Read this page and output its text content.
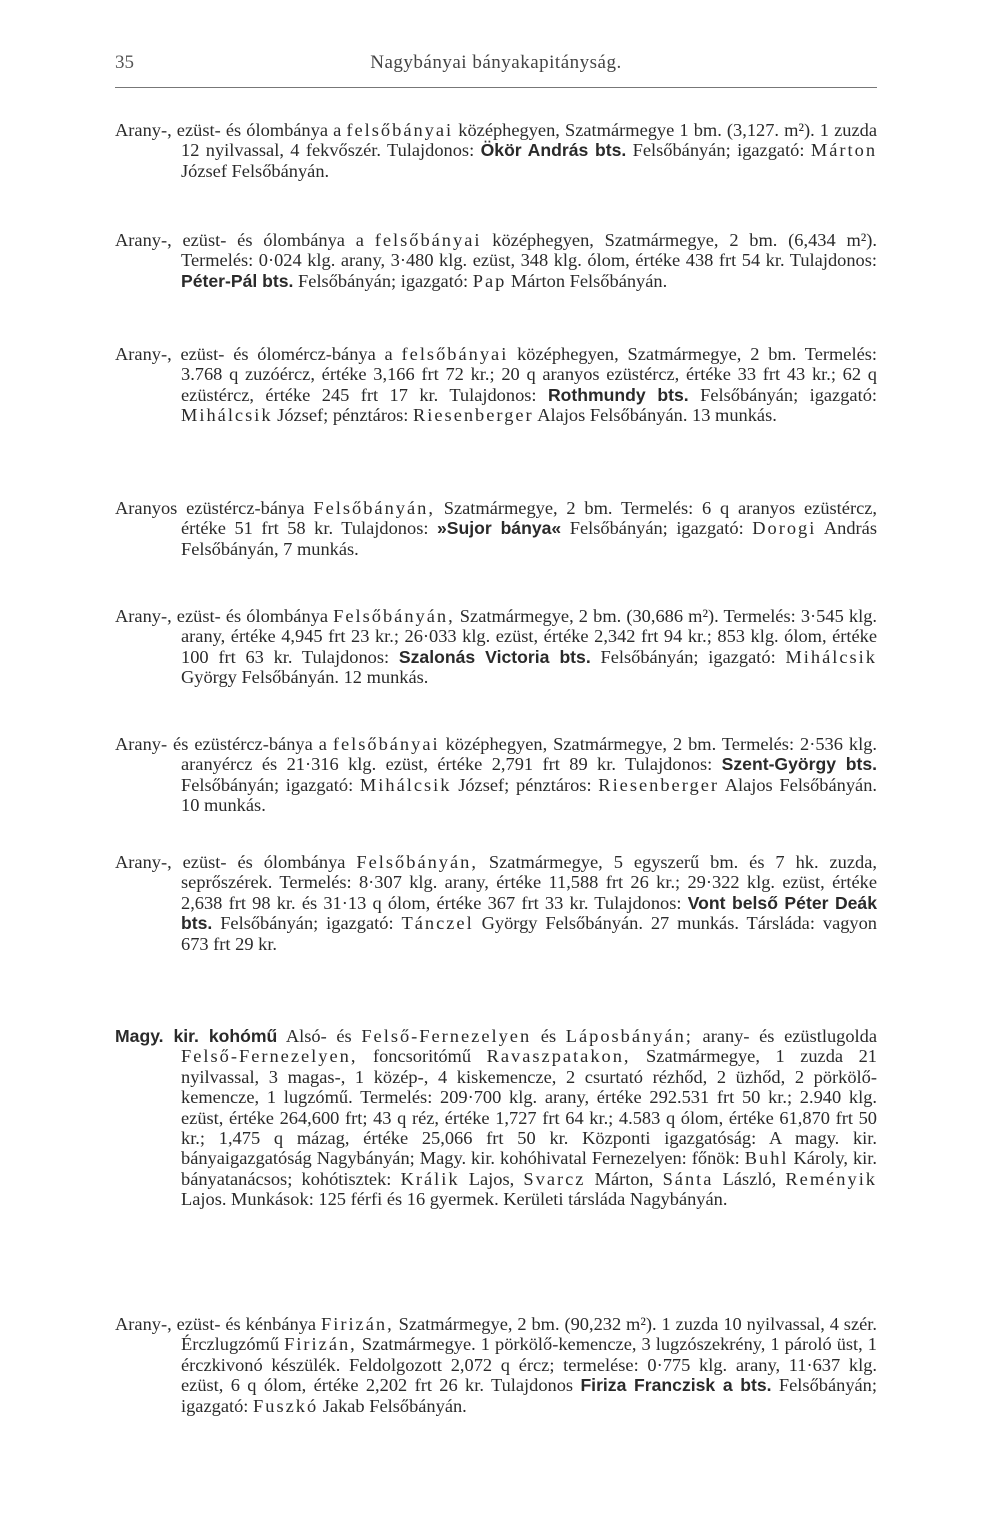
35	Nagybányai bányakapitányság.

Arany-, ezüst- és ólombánya a felsőbányai középhegyen, Szatmármegye 1 bm. (3,127. m²). 1 zuzda 12 nyilvassal, 4 fekvőszér. Tulajdonos: Ökör András bts. Felsőbányán; igazgató: Márton József Felsőbányán.

Arany-, ezüst- és ólombánya a felsőbányai középhegyen, Szatmármegye, 2 bm. (6,434 m²). Termelés: 0·024 klg. arany, 3·480 klg. ezüst, 348 klg. ólom, értéke 438 frt 54 kr. Tulajdonos: Péter-Pál bts. Felsőbányán; igazgató: Pap Márton Felsőbányán.

Arany-, ezüst- és ólomércz-bánya a felsőbányai középhegyen, Szatmármegye, 2 bm. Termelés: 3.768 q zuzóércz, értéke 3,166 frt 72 kr.; 20 q aranyos ezüstércz, értéke 33 frt 43 kr.; 62 q ezüstércz, értéke 245 frt 17 kr. Tulajdonos: Rothmundy bts. Felsőbányán; igazgató: Mihálcsik József; pénztáros: Riesenberger Alajos Felsőbányán. 13 munkás.

Aranyos ezüstércz-bánya Felsőbányán, Szatmármegye, 2 bm. Termelés: 6 q aranyos ezüstércz, értéke 51 frt 58 kr. Tulajdonos: »Sujor bánya« Felsőbányán; igazgató: Dorogi András Felsőbányán, 7 munkás.

Arany-, ezüst- és ólombánya Felsőbányán, Szatmármegye, 2 bm. (30,686 m²). Termelés: 3·545 klg. arany, értéke 4,945 frt 23 kr.; 26·033 klg. ezüst, értéke 2,342 frt 94 kr.; 853 klg. ólom, értéke 100 frt 63 kr. Tulajdonos: Szalonás Victoria bts. Felsőbányán; igazgató: Mihálcsik György Felsőbányán. 12 munkás.

Arany- és ezüstércz-bánya a felsőbányai középhegyen, Szatmármegye, 2 bm. Termelés: 2·536 klg. aranyércz és 21·316 klg. ezüst, értéke 2,791 frt 89 kr. Tulajdonos: Szent-György bts. Felsőbányán; igazgató: Mihálcsik József; pénztáros: Riesenberger Alajos Felsőbányán. 10 munkás.

Arany-, ezüst- és ólombánya Felsőbányán, Szatmármegye, 5 egyszerű bm. és 7 hk. zuzda, seprőszérek. Termelés: 8·307 klg. arany, értéke 11,588 frt 26 kr.; 29·322 klg. ezüst, értéke 2,638 frt 98 kr. és 31·13 q ólom, értéke 367 frt 33 kr. Tulajdonos: Vont belső Péter Deák bts. Felsőbányán; igazgató: Tánczel György Felsőbányán. 27 munkás. Társláda: vagyon 673 frt 29 kr.

Magy. kir. kohómű Alsó- és Felső-Fernezelyen és Láposbányán; arany- és ezüstlugolda Felső-Fernezelyen, foncsoritómű Ravaszpatakon, Szatmármegye, 1 zuzda 21 nyilvassal, 3 magas-, 1 közép-, 4 kiskemencze, 2 csurtató rézhőd, 2 üzhőd, 2 pörkölő-kemencze, 1 lugzómű. Termelés: 209·700 klg. arany, értéke 292.531 frt 50 kr.; 2.940 klg. ezüst, értéke 264,600 frt; 43 q réz, értéke 1,727 frt 64 kr.; 4.583 q ólom, értéke 61,870 frt 50 kr.; 1,475 q mázag, értéke 25,066 frt 50 kr. Központi igazgatóság: A magy. kir. bányaigazgatóság Nagybányán; Magy. kir. kohóhivatal Fernezelyen: főnök: Buhl Károly, kir. bányatanácsos; kohótisztek: Králik Lajos, Svarcz Márton, Sánta László, Reményik Lajos. Munkások: 125 férfi és 16 gyermek. Kerületi társláda Nagybányán.

Arany-, ezüst- és kénbánya Firizán, Szatmármegye, 2 bm. (90,232 m²). 1 zuzda 10 nyilvassal, 4 szér. Érczlugzómű Firizán, Szatmármegye. 1 pörkölő-kemencze, 3 lugzószekrény, 1 pároló üst, 1 érczkivonó készülék. Feldolgozott 2,072 q ércz; termelése: 0·775 klg. arany, 11·637 klg. ezüst, 6 q ólom, értéke 2,202 frt 26 kr. Tulajdonos Firiza Franczisk a bts. Felsőbányán; igazgató: Fuszkó Jakab Felsőbányán.
